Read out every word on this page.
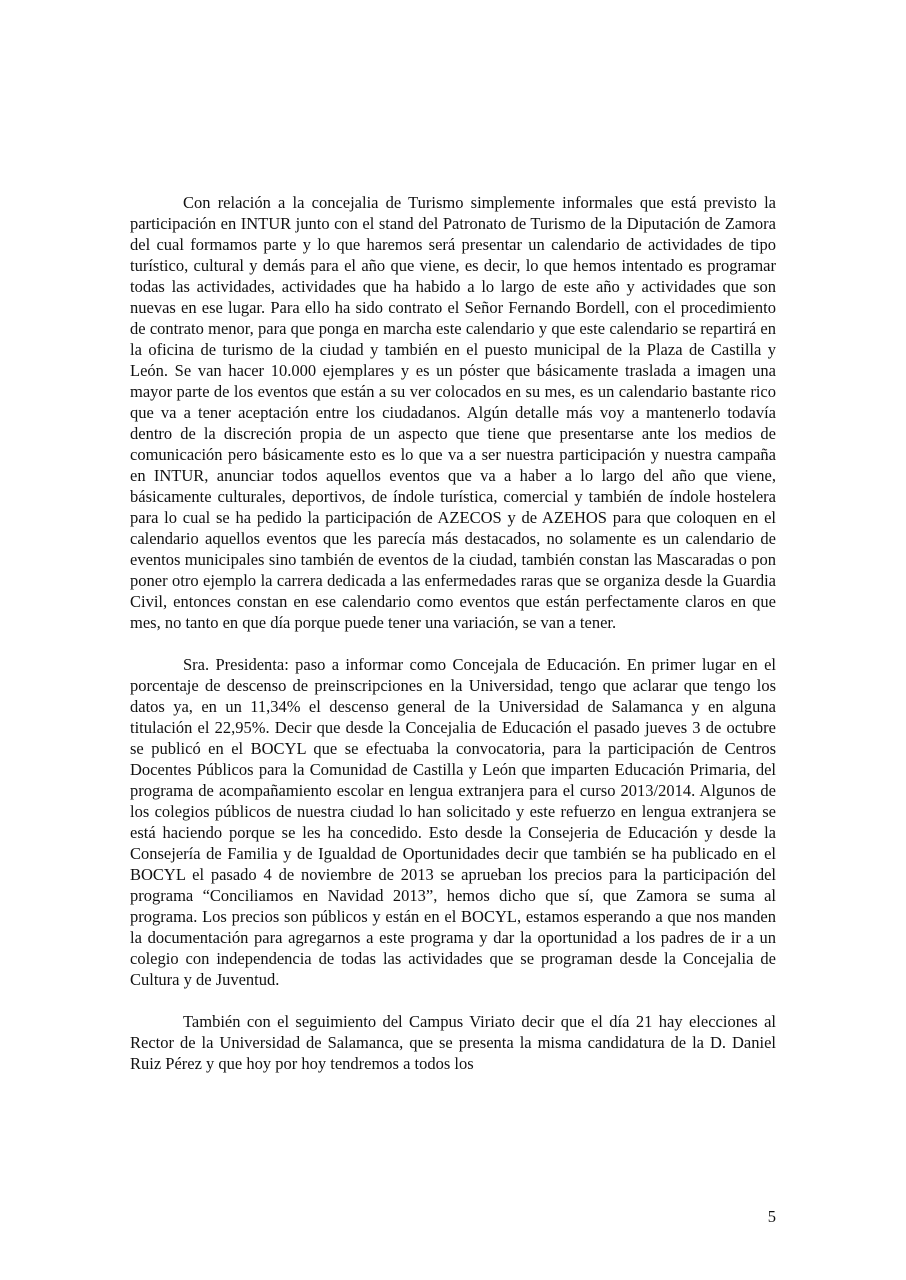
Con relación a la concejalia de Turismo simplemente informales que está previsto la participación en INTUR junto con el stand del Patronato de Turismo de la Diputación de Zamora del cual formamos parte y lo que haremos será presentar un calendario de actividades de tipo turístico, cultural y demás para el año que viene, es decir, lo que hemos intentado es programar todas las actividades, actividades que ha habido a lo largo de este año y actividades que son nuevas en ese lugar. Para ello ha sido contrato el Señor Fernando Bordell, con el procedimiento de contrato menor, para que ponga en marcha este calendario y que este calendario se repartirá en la oficina de turismo de la ciudad y también en el puesto municipal de la Plaza de Castilla y León. Se van hacer 10.000 ejemplares y es un póster que básicamente traslada a imagen una mayor parte de los eventos que están a su ver colocados en su mes, es un calendario bastante rico que va a tener aceptación entre los ciudadanos. Algún detalle más voy a mantenerlo todavía dentro de la discreción propia de un aspecto que tiene que presentarse ante los medios de comunicación pero básicamente esto es lo que va a ser nuestra participación y nuestra campaña en INTUR, anunciar todos aquellos eventos que va a haber a lo largo del año que viene, básicamente culturales, deportivos, de índole turística, comercial y también de índole hostelera para lo cual se ha pedido la participación de AZECOS y de AZEHOS para que coloquen en el calendario aquellos eventos que les parecía más destacados, no solamente es un calendario de eventos municipales sino también de eventos de la ciudad, también constan las Mascaradas o pon poner otro ejemplo la carrera dedicada a las enfermedades raras que se organiza desde la Guardia Civil, entonces constan en ese calendario como eventos que están perfectamente claros en que mes, no tanto en que día porque puede tener una variación, se van a tener.

Sra. Presidenta: paso a informar como Concejala de Educación. En primer lugar en el porcentaje de descenso de preinscripciones en la Universidad, tengo que aclarar que tengo los datos ya, en un 11,34% el descenso general de la Universidad de Salamanca y en alguna titulación el 22,95%. Decir que desde la Concejalia de Educación el pasado jueves 3 de octubre se publicó en el BOCYL que se efectuaba la convocatoria, para la participación de Centros Docentes Públicos para la Comunidad de Castilla y León que imparten Educación Primaria, del programa de acompañamiento escolar en lengua extranjera para el curso 2013/2014. Algunos de los colegios públicos de nuestra ciudad lo han solicitado y este refuerzo en lengua extranjera se está haciendo porque se les ha concedido. Esto desde la Consejeria de Educación y desde la Consejería de Familia y de Igualdad de Oportunidades decir que también se ha publicado en el BOCYL el pasado 4 de noviembre de 2013 se aprueban los precios para la participación del programa “Conciliamos en Navidad 2013”, hemos dicho que sí, que Zamora se suma al programa. Los precios son públicos y están en el BOCYL, estamos esperando a que nos manden la documentación para agregarnos a este programa y dar la oportunidad a los padres de ir a un colegio con independencia de todas las actividades que se programan desde la Concejalia de Cultura y de Juventud.

También con el seguimiento del Campus Viriato decir que el día 21 hay elecciones al Rector de la Universidad de Salamanca, que se presenta la misma candidatura de la D. Daniel Ruiz Pérez y que hoy por hoy tendremos a todos los

5
